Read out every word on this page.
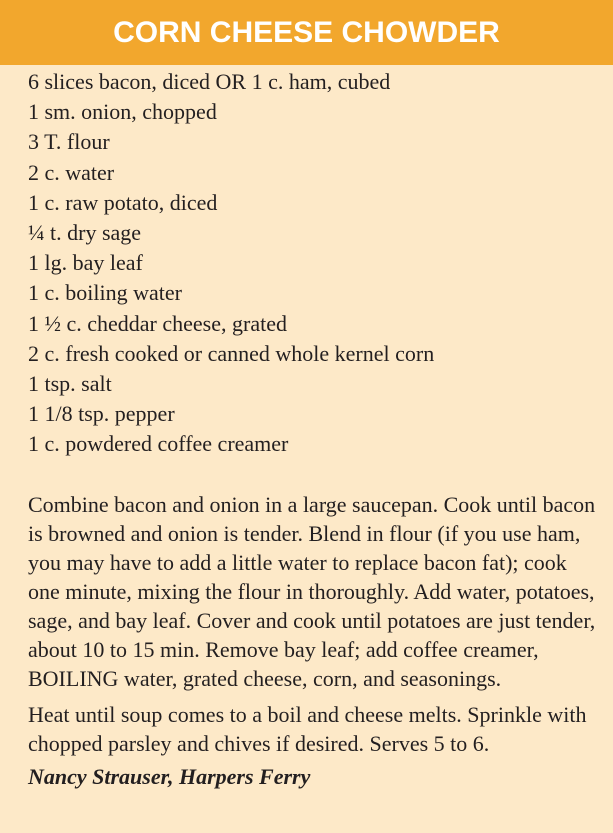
CORN CHEESE CHOWDER
6 slices bacon, diced OR 1 c. ham, cubed
1 sm. onion, chopped
3 T. flour
2 c. water
1 c. raw potato, diced
¼ t. dry sage
1 lg. bay leaf
1 c. boiling water
1 ½ c. cheddar cheese, grated
2 c. fresh cooked or canned whole kernel corn
1 tsp. salt
1 1/8 tsp. pepper
1 c. powdered coffee creamer

Combine bacon and onion in a large saucepan. Cook until bacon is browned and onion is tender. Blend in flour (if you use ham, you may have to add a little water to replace bacon fat); cook one minute, mixing the flour in thoroughly. Add water, potatoes, sage, and bay leaf. Cover and cook until potatoes are just tender, about 10 to 15 min. Remove bay leaf; add coffee creamer, BOILING water, grated cheese, corn, and seasonings.

Heat until soup comes to a boil and cheese melts. Sprinkle with chopped parsley and chives if desired. Serves 5 to 6.

Nancy Strauser, Harpers Ferry
